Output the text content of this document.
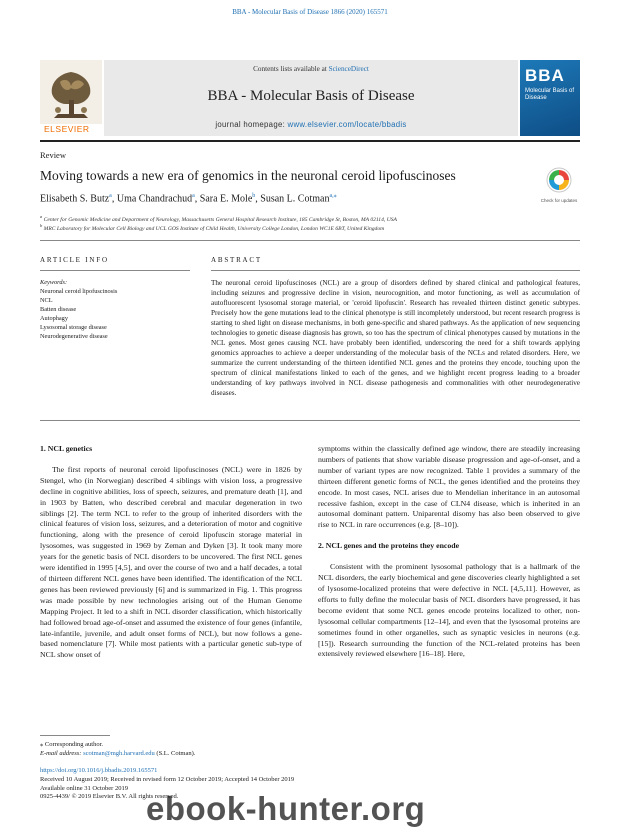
BBA - Molecular Basis of Disease 1866 (2020) 165571
ELSEVIER
Contents lists available at ScienceDirect
BBA - Molecular Basis of Disease
journal homepage: www.elsevier.com/locate/bbadis
BBA
Molecular Basis of Disease
Review
Moving towards a new era of genomics in the neuronal ceroid lipofuscinoses
Check for updates
Elisabeth S. Butz$^a$, Uma Chandrachud$^a$, Sara E. Mole$^b$, Susan L. Cotman$^{a,⁎}$
$^a$ Center for Genomic Medicine and Department of Neurology, Massachusetts General Hospital Research Institute, 185 Cambridge St, Boston, MA 02114, USA
$^b$ MRC Laboratory for Molecular Cell Biology and UCL GOS Institute of Child Health, University College London, London WC1E 6BT, United Kingdom
ARTICLE INFO	ABSTRACT
Keywords:
Neuronal ceroid lipofuscinosis
NCL
Batten disease
Autophagy
Lysosomal storage disease
Neurodegenerative disease
The neuronal ceroid lipofuscinoses (NCL) are a group of disorders defined by shared clinical and pathological features, including seizures and progressive decline in vision, neurocognition, and motor functioning, as well as accumulation of autofluorescent lysosomal storage material, or 'ceroid lipofuscin'. Research has revealed thirteen distinct genetic subtypes. Precisely how the gene mutations lead to the clinical phenotype is still incompletely understood, but recent research progress is starting to shed light on disease mechanisms, in both gene-specific and shared pathways. As the application of new sequencing technologies to genetic disease diagnosis has grown, so too has the spectrum of clinical phenotypes caused by mutations in the NCL genes. Most genes causing NCL have probably been identified, underscoring the need for a shift towards applying genomics approaches to achieve a deeper understanding of the molecular basis of the NCLs and related disorders. Here, we summarize the current understanding of the thirteen identified NCL genes and the proteins they encode, touching upon the spectrum of clinical manifestations linked to each of the genes, and we highlight recent progress leading to a broader understanding of key pathways involved in NCL disease pathogenesis and commonalities with other neurodegenerative diseases.
1. NCL genetics

The first reports of neuronal ceroid lipofuscinoses (NCL) were in 1826 by Stengel, who (in Norwegian) described 4 siblings with vision loss, a progressive decline in cognitive abilities, loss of speech, seizures, and premature death [1], and in 1903 by Batten, who described cerebral and macular degeneration in two siblings [2]. The term NCL to refer to the group of inherited disorders with the clinical features of vision loss, seizures, and a deterioration of motor and cognitive functioning, along with the presence of ceroid lipofuscin storage material in lysosomes, was suggested in 1969 by Zeman and Dyken [3]. It took many more years for the genetic basis of NCL disorders to be uncovered. The first NCL genes were identified in 1995 [4,5], and over the course of two and a half decades, a total of thirteen different NCL genes have been identified. The identification of the NCL genes has been reviewed previously [6] and is summarized in Fig. 1. This progress was made possible by new technologies arising out of the Human Genome Mapping Project. It led to a shift in NCL disorder classification, which historically had followed broad age-of-onset and assumed the existence of four genes (infantile, late-infantile, juvenile, and adult onset forms of NCL), but now follows a gene-based nomenclature [7]. While most patients with a particular genetic sub-type of NCL show onset of

symptoms within the classically defined age window, there are steadily increasing numbers of patients that show variable disease progression and age-of-onset, and a number of variant types are now recognized. Table 1 provides a summary of the thirteen different genetic forms of NCL, the genes identified and the proteins they encode. In most cases, NCL arises due to Mendelian inheritance in an autosomal recessive fashion, except in the case of CLN4 disease, which is inherited in an autosomal dominant pattern. Uniparental disomy has also been observed to give rise to NCL in rare occurrences (e.g. [8–10]).

2. NCL genes and the proteins they encode

Consistent with the prominent lysosomal pathology that is a hallmark of the NCL disorders, the early biochemical and gene discoveries clearly highlighted a set of lysosome-localized proteins that were defective in NCL [4,5,11]. However, as efforts to fully define the molecular basis of NCL disorders have progressed, it has become evident that some NCL genes encode proteins localized to other, non-lysosomal cellular compartments [12–14], and even that the lysosomal proteins are sometimes found in other organelles, such as synaptic vesicles in neurons (e.g. [15]). Research surrounding the function of the NCL-related proteins has been extensively reviewed elsewhere [16–18]. Here,

⁎ Corresponding author.
E-mail address: scotman@mgh.harvard.edu (S.L. Cotman).
https://doi.org/10.1016/j.bbadis.2019.165571
Received 10 August 2019; Received in revised form 12 October 2019; Accepted 14 October 2019
Available online 31 October 2019
0925-4439/ © 2019 Elsevier B.V. All rights reserved.
ebook-hunter.org
